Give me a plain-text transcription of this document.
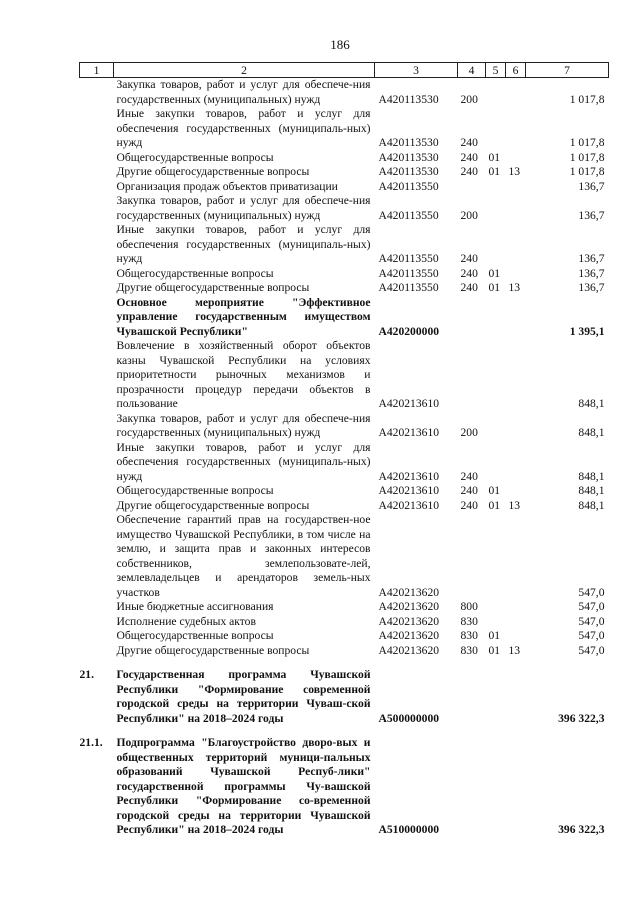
186
1	2	3	4	5	6	7
	Закупка товаров, работ и услуг для обеспече-ния государственных (муниципальных) нужд	A420113530	200			1 017,8
	Иные закупки товаров, работ и услуг для обеспечения государственных (муниципаль-ных) нужд	A420113530	240			1 017,8
	Общегосударственные вопросы	A420113530	240	01		1 017,8
	Другие общегосударственные вопросы	A420113530	240	01	13	1 017,8
	Организация продаж объектов приватизации	A420113550				136,7
	Закупка товаров, работ и услуг для обеспече-ния государственных (муниципальных) нужд	A420113550	200			136,7
	Иные закупки товаров, работ и услуг для обеспечения государственных (муниципаль-ных) нужд	A420113550	240			136,7
	Общегосударственные вопросы	A420113550	240	01		136,7
	Другие общегосударственные вопросы	A420113550	240	01	13	136,7
	Основное мероприятие "Эффективное управление государственным имуществом Чувашской Республики"	A420200000				1 395,1
	Вовлечение в хозяйственный оборот объектов казны Чувашской Республики на условиях приоритетности рыночных механизмов и прозрачности процедур передачи объектов в пользование	A420213610				848,1
	Закупка товаров, работ и услуг для обеспече-ния государственных (муниципальных) нужд	A420213610	200			848,1
	Иные закупки товаров, работ и услуг для обеспечения государственных (муниципаль-ных) нужд	A420213610	240			848,1
	Общегосударственные вопросы	A420213610	240	01		848,1
	Другие общегосударственные вопросы	A420213610	240	01	13	848,1
	Обеспечение гарантий прав на государствен-ное имущество Чувашской Республики, в том числе на землю, и защита прав и законных интересов собственников, землепользовате-лей, землевладельцев и арендаторов земель-ных участков	A420213620				547,0
	Иные бюджетные ассигнования	A420213620	800			547,0
	Исполнение судебных актов	A420213620	830			547,0
	Общегосударственные вопросы	A420213620	830	01		547,0
	Другие общегосударственные вопросы	A420213620	830	01	13	547,0

21.	Государственная программа Чувашской Республики "Формирование современной городской среды на территории Чуваш-ской Республики" на 2018–2024 годы	A500000000				396 322,3

21.1.	Подпрограмма "Благоустройство дворо-вых и общественных территорий муници-пальных образований Чувашской Респуб-лики" государственной программы Чу-вашской Республики "Формирование со-временной городской среды на территории Чувашской Республики" на 2018–2024 годы	A510000000				396 322,3
